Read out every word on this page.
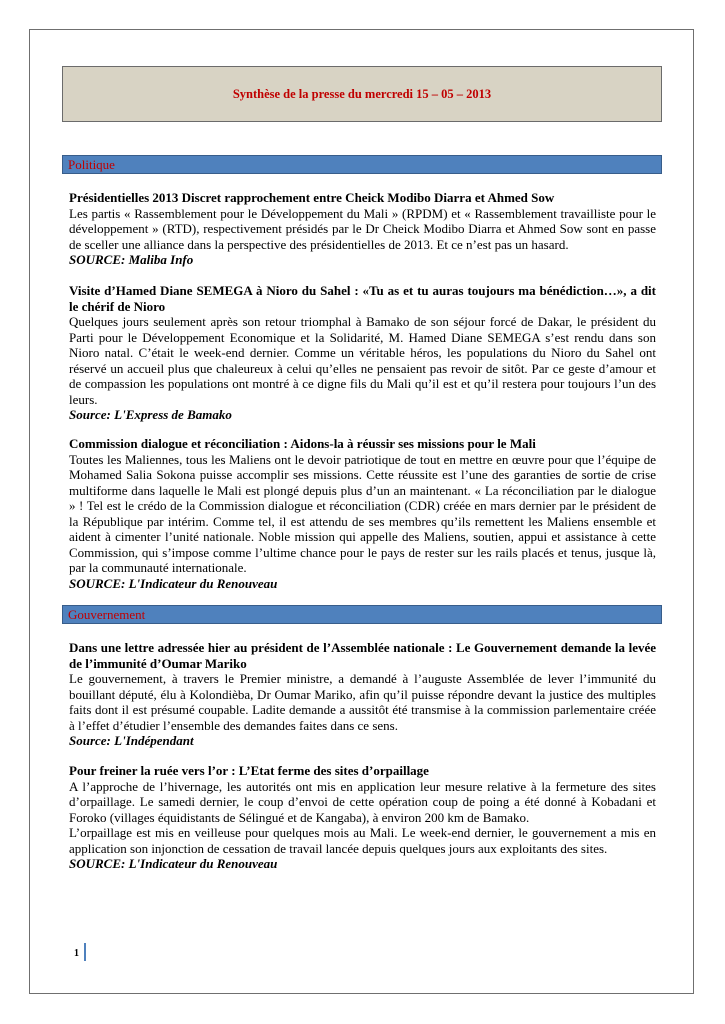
Synthèse de la presse du mercredi 15 – 05 – 2013
Politique
Présidentielles 2013 Discret rapprochement entre Cheick Modibo Diarra et Ahmed Sow
Les partis « Rassemblement pour le Développement du Mali » (RPDM) et « Rassemblement travailliste pour le développement » (RTD), respectivement présidés par le Dr Cheick Modibo Diarra et Ahmed Sow sont en passe de sceller une alliance dans la perspective des présidentielles de 2013. Et ce n’est pas un hasard.
SOURCE: Maliba Info
Visite d’Hamed Diane SEMEGA à Nioro du Sahel : «Tu as et tu auras toujours ma bénédiction…», a dit le chérif de Nioro
Quelques jours seulement après son retour triomphal à Bamako de son séjour forcé de Dakar, le président du Parti pour le Développement Economique et la Solidarité, M. Hamed Diane SEMEGA s’est rendu dans son Nioro natal. C’était le week-end dernier. Comme un véritable héros, les populations du Nioro du Sahel ont réservé un accueil plus que chaleureux à celui qu’elles ne pensaient pas revoir de sitôt. Par ce geste d’amour et de compassion les populations ont montré à ce digne fils du Mali qu’il est et qu’il restera pour toujours l’un des leurs.
Source: L'Express de Bamako
Commission dialogue et réconciliation : Aidons-la à réussir ses missions pour le Mali
Toutes les Maliennes, tous les Maliens ont le devoir patriotique de tout en mettre en œuvre pour que l’équipe de Mohamed Salia Sokona puisse accomplir ses missions. Cette réussite est l’une des garanties de sortie de crise multiforme dans laquelle le Mali est plongé depuis plus d’un an maintenant. « La réconciliation par le dialogue » ! Tel est le crédo de la Commission dialogue et réconciliation (CDR) créée en mars dernier par le président de la République par intérim. Comme tel, il est attendu de ses membres qu’ils remettent les Maliens ensemble et aident à cimenter l’unité nationale. Noble mission qui appelle des Maliens, soutien, appui et assistance à cette Commission, qui s’impose comme l’ultime chance pour le pays de rester sur les rails placés et tenus, jusque là, par la communauté internationale.
SOURCE: L'Indicateur du Renouveau
Gouvernement
Dans une lettre adressée hier au président de l’Assemblée nationale : Le Gouvernement demande la levée de l’immunité d’Oumar Mariko
Le gouvernement, à travers le Premier ministre, a demandé à l’auguste Assemblée de lever l’immunité du bouillant député, élu à Kolondièba, Dr Oumar Mariko, afin qu’il puisse répondre devant la justice des multiples faits dont il est présumé coupable. Ladite demande a aussitôt été transmise à la commission parlementaire créée à l’effet d’étudier l’ensemble des demandes faites dans ce sens.
Source: L'Indépendant
Pour freiner la ruée vers l’or : L’Etat ferme des sites d’orpaillage
A l’approche de l’hivernage, les autorités ont mis en application leur mesure relative à la fermeture des sites d’orpaillage. Le samedi dernier, le coup d’envoi de cette opération coup de poing a été donné à Kobadani et Foroko (villages équidistants de Sélingué et de Kangaba), à environ 200 km de Bamako.
L’orpaillage est mis en veilleuse pour quelques mois au Mali. Le week-end dernier, le gouvernement a mis en application son injonction de cessation de travail lancée depuis quelques jours aux exploitants des sites.
SOURCE: L'Indicateur du Renouveau
1
